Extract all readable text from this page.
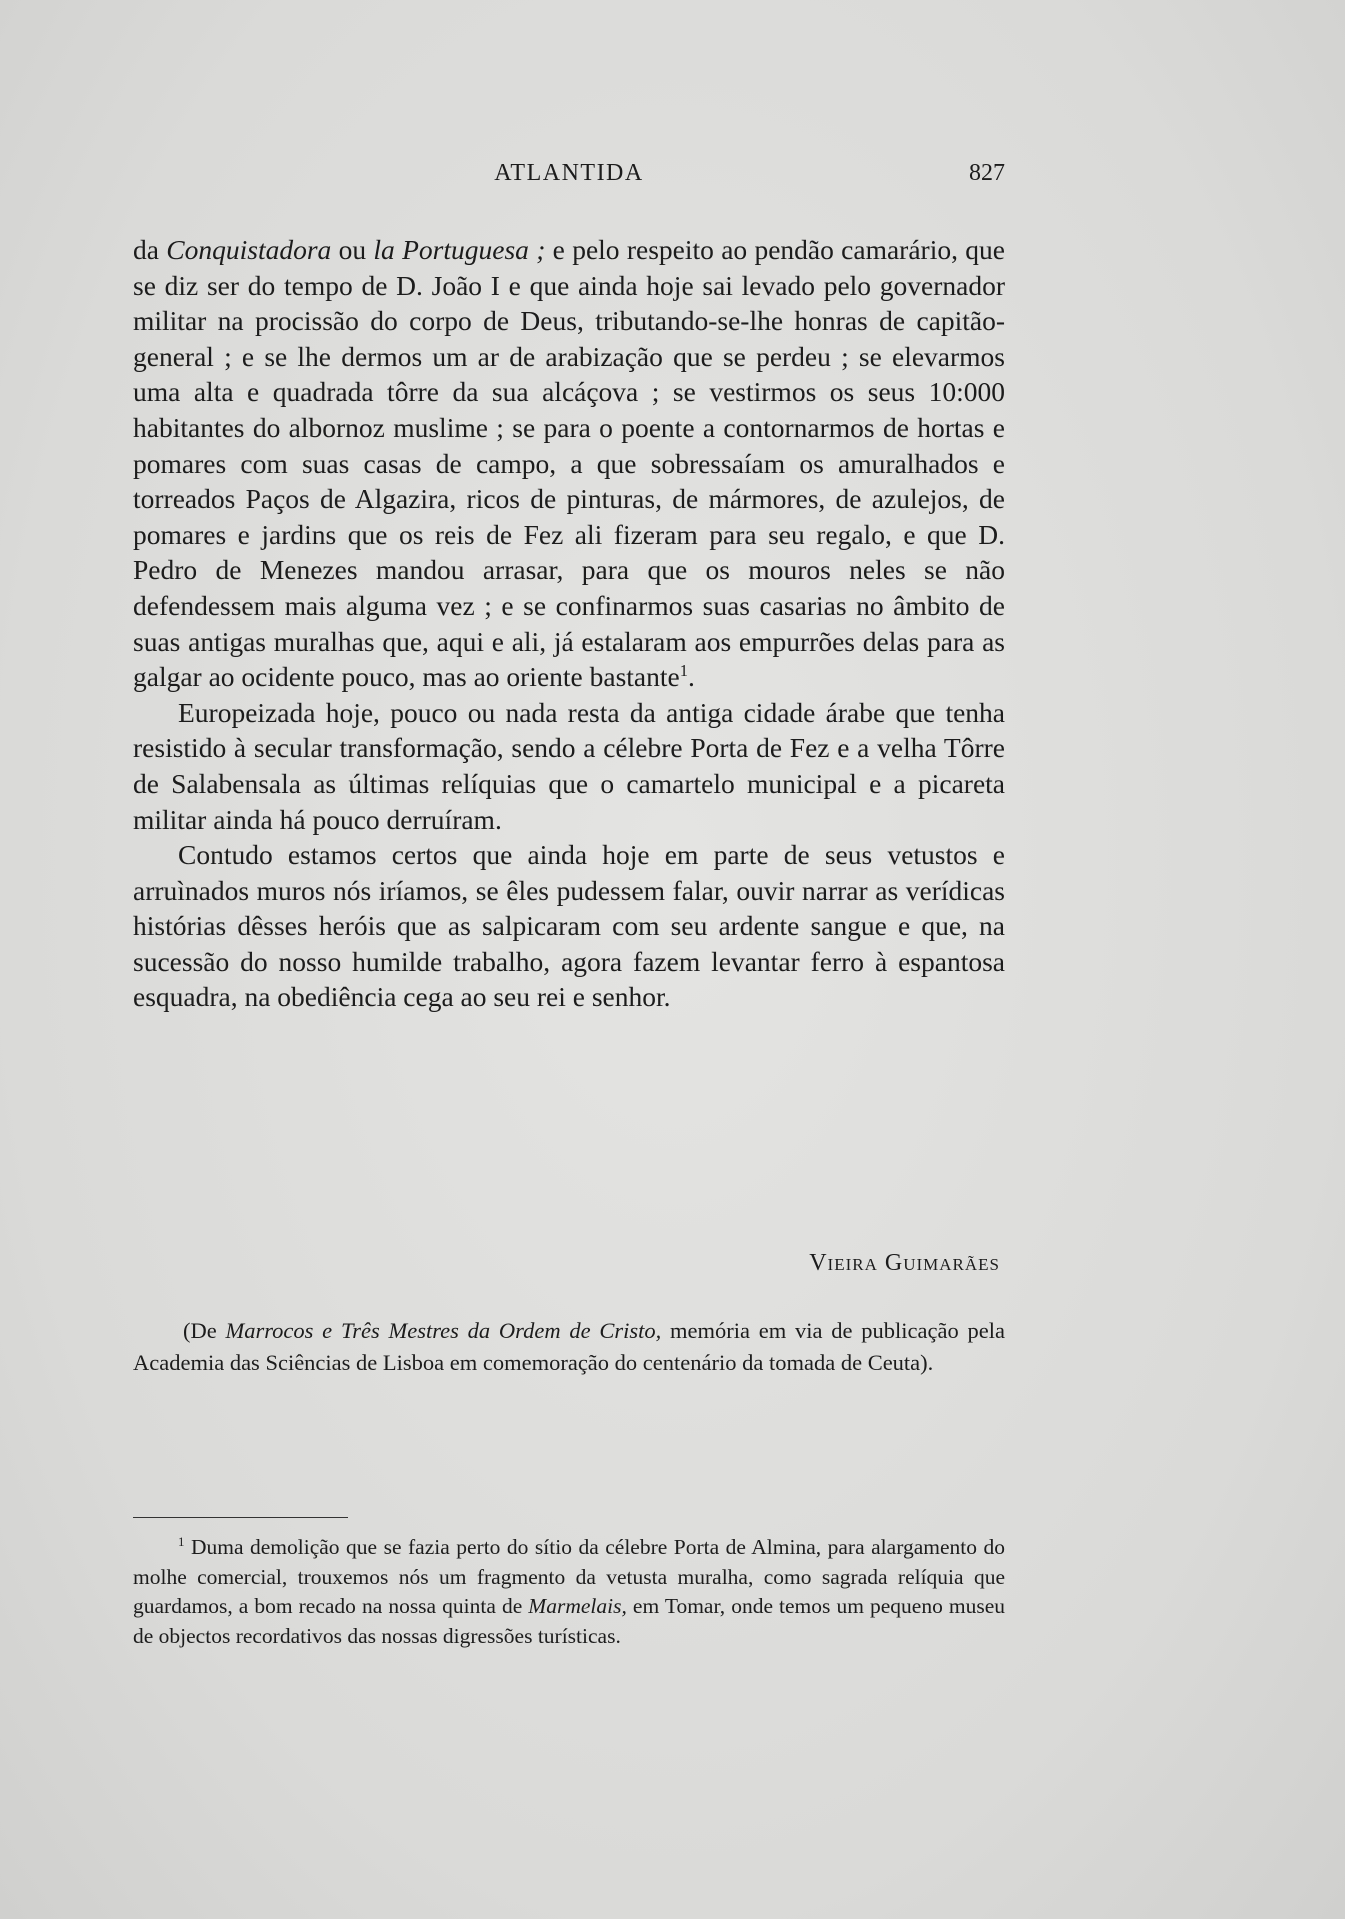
ATLANTIDA	827

da Conquistadora ou la Portuguesa ; e pelo respeito ao pendão camarário, que se diz ser do tempo de D. João I e que ainda hoje sai levado pelo governador militar na procissão do corpo de Deus, tributando-se-lhe honras de capitão-general ; e se lhe dermos um ar de arabização que se perdeu ; se elevarmos uma alta e quadrada tôrre da sua alcáçova ; se vestirmos os seus 10:000 habitantes do albornoz muslime ; se para o poente a contornarmos de hortas e pomares com suas casas de campo, a que sobressaíam os amuralhados e torreados Paços de Algazira, ricos de pinturas, de mármores, de azulejos, de pomares e jardins que os reis de Fez ali fizeram para seu regalo, e que D. Pedro de Menezes mandou arrasar, para que os mouros neles se não defendessem mais alguma vez ; e se confinarmos suas casarias no âmbito de suas antigas muralhas que, aqui e ali, já estalaram aos empurrões delas para as galgar ao ocidente pouco, mas ao oriente bastante$^1$.

Europeizada hoje, pouco ou nada resta da antiga cidade árabe que tenha resistido à secular transformação, sendo a célebre Porta de Fez e a velha Tôrre de Salabensala as últimas relíquias que o camartelo municipal e a picareta militar ainda há pouco derruíram.

Contudo estamos certos que ainda hoje em parte de seus vetustos e arruìnados muros nós iríamos, se êles pudessem falar, ouvir narrar as verídicas histórias dêsses heróis que as salpicaram com seu ardente sangue e que, na sucessão do nosso humilde trabalho, agora fazem levantar ferro à espantosa esquadra, na obediência cega ao seu rei e senhor.

Vieira Guimarães

(De Marrocos e Três Mestres da Ordem de Cristo, memória em via de publicação pela Academia das Sciências de Lisboa em comemoração do centenário da tomada de Ceuta).

$^1$ Duma demolição que se fazia perto do sítio da célebre Porta de Almina, para alargamento do molhe comercial, trouxemos nós um fragmento da vetusta muralha, como sagrada relíquia que guardamos, a bom recado na nossa quinta de Marmelais, em Tomar, onde temos um pequeno museu de objectos recordativos das nossas digressões turísticas.
